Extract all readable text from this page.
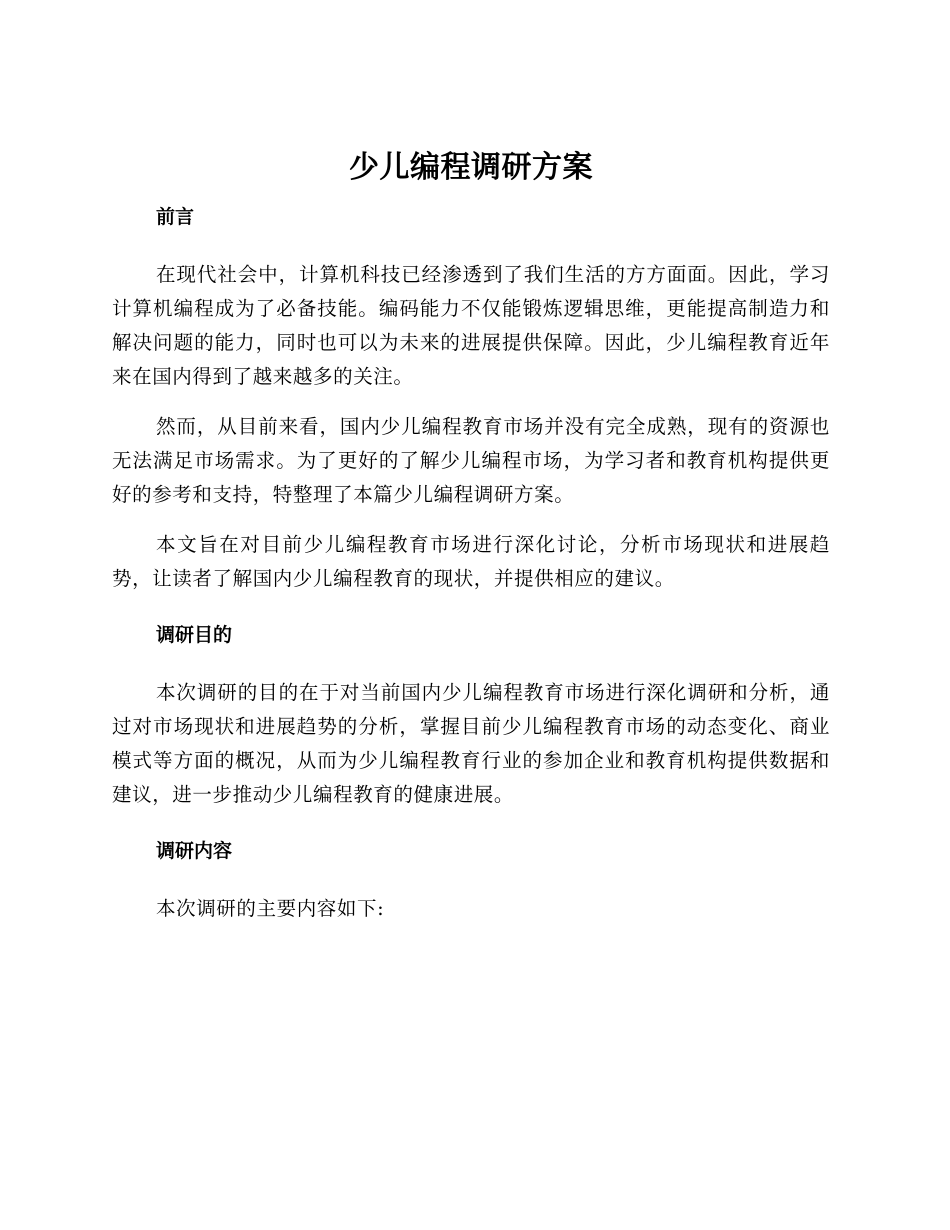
少儿编程调研方案
前言

在现代社会中，计算机科技已经渗透到了我们生活的方方面面。因此，学习计算机编程成为了必备技能。编码能力不仅能锻炼逻辑思维，更能提高制造力和解决问题的能力，同时也可以为未来的进展提供保障。因此，少儿编程教育近年来在国内得到了越来越多的关注。

然而，从目前来看，国内少儿编程教育市场并没有完全成熟，现有的资源也无法满足市场需求。为了更好的了解少儿编程市场，为学习者和教育机构提供更好的参考和支持，特整理了本篇少儿编程调研方案。

本文旨在对目前少儿编程教育市场进行深化讨论，分析市场现状和进展趋势，让读者了解国内少儿编程教育的现状，并提供相应的建议。

调研目的

本次调研的目的在于对当前国内少儿编程教育市场进行深化调研和分析，通过对市场现状和进展趋势的分析，掌握目前少儿编程教育市场的动态变化、商业模式等方面的概况，从而为少儿编程教育行业的参加企业和教育机构提供数据和建议，进一步推动少儿编程教育的健康进展。

调研内容

本次调研的主要内容如下:
